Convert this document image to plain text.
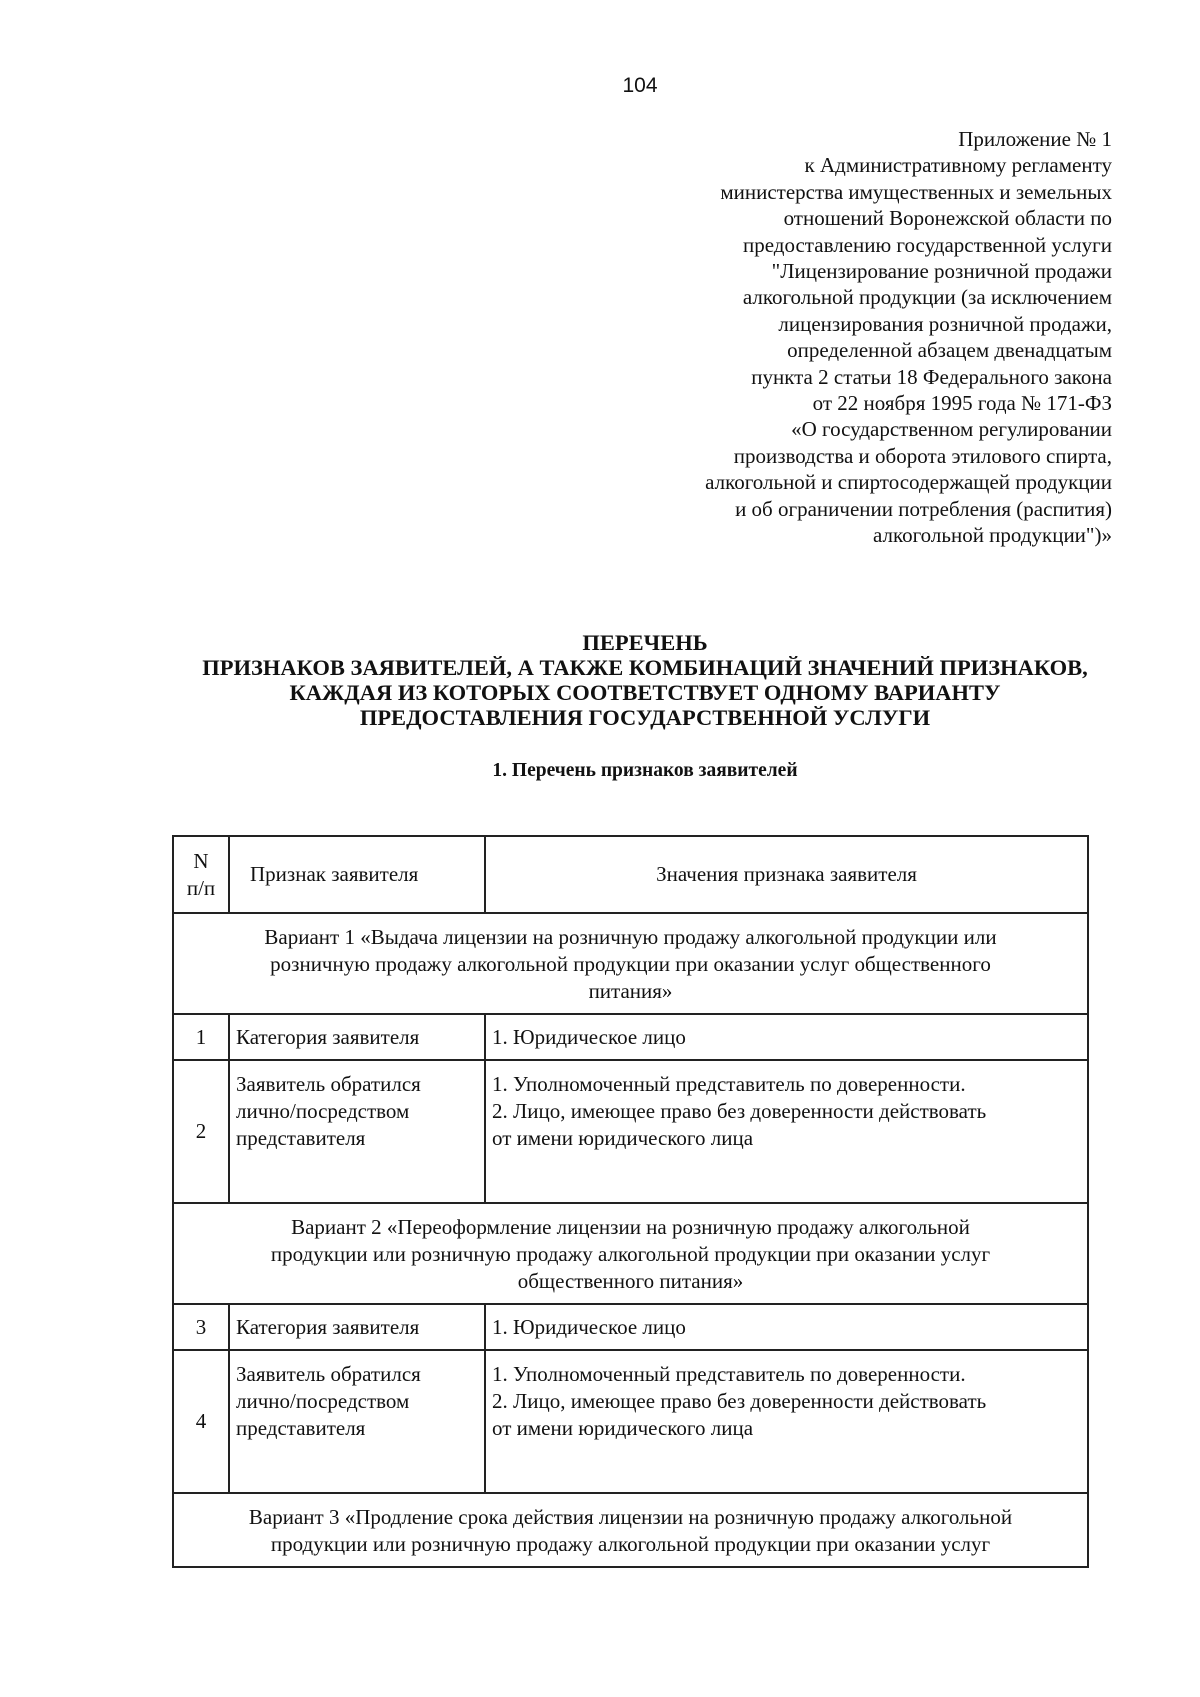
104
Приложение № 1
к Административному регламенту
министерства имущественных и земельных
отношений Воронежской области по
предоставлению государственной услуги
"Лицензирование розничной продажи
алкогольной продукции (за исключением
лицензирования розничной продажи,
определенной абзацем двенадцатым
пункта 2 статьи 18 Федерального закона
от 22 ноября 1995 года № 171-ФЗ
«О государственном регулировании
производства и оборота этилового спирта,
алкогольной и спиртосодержащей продукции
и об ограничении потребления (распития)
алкогольной продукции")»
ПЕРЕЧЕНЬ
ПРИЗНАКОВ ЗАЯВИТЕЛЕЙ, А ТАКЖЕ КОМБИНАЦИЙ ЗНАЧЕНИЙ ПРИЗНАКОВ,
КАЖДАЯ ИЗ КОТОРЫХ СООТВЕТСТВУЕТ ОДНОМУ ВАРИАНТУ
ПРЕДОСТАВЛЕНИЯ ГОСУДАРСТВЕННОЙ УСЛУГИ
1. Перечень признаков заявителей
N
п/п	Признак заявителя	Значения признака заявителя

Вариант 1 «Выдача лицензии на розничную продажу алкогольной продукции или
розничную продажу алкогольной продукции при оказании услуг общественного
питания»		

1	Категория заявителя	1. Юридическое лицо
2	Заявитель обратился
лично/посредством
представителя	1. Уполномоченный представитель по доверенности.
2. Лицо, имеющее право без доверенности действовать
от имени юридического лица

Вариант 2 «Переоформление лицензии на розничную продажу алкогольной
продукции или розничную продажу алкогольной продукции при оказании услуг
общественного питания»		

3	Категория заявителя	1. Юридическое лицо
4	Заявитель обратился
лично/посредством
представителя	1. Уполномоченный представитель по доверенности.
2. Лицо, имеющее право без доверенности действовать
от имени юридического лица

Вариант 3 «Продление срока действия лицензии на розничную продажу алкогольной
продукции или розничную продажу алкогольной продукции при оказании услуг		
